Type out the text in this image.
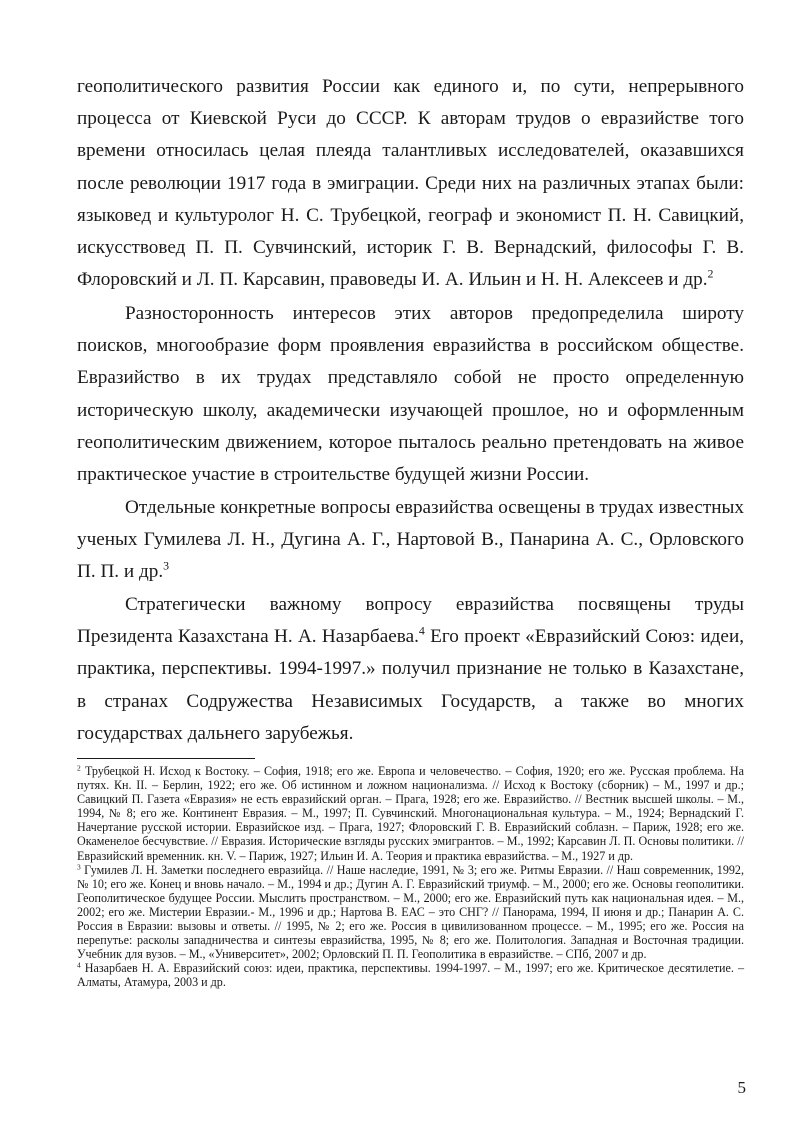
геополитического развития России как единого и, по сути, непрерывного процесса от Киевской Руси до СССР. К авторам трудов о евразийстве того времени относилась целая плеяда талантливых исследователей, оказавшихся после революции 1917 года в эмиграции. Среди них на различных этапах были: языковед и культуролог Н. С. Трубецкой, географ и экономист П. Н. Савицкий, искусствовед П. П. Сувчинский, историк Г. В. Вернадский, философы Г. В. Флоровский и Л. П. Карсавин, правоведы И. А. Ильин и Н. Н. Алексеев и др.$^2$

Разносторонность интересов этих авторов предопределила широту поисков, многообразие форм проявления евразийства в российском обществе. Евразийство в их трудах представляло собой не просто определенную историческую школу, академически изучающей прошлое, но и оформленным геополитическим движением, которое пыталось реально претендовать на живое практическое участие в строительстве будущей жизни России.

Отдельные конкретные вопросы евразийства освещены в трудах известных ученых Гумилева Л. Н., Дугина А. Г., Нартовой В., Панарина А. С., Орловского П. П. и др.$^3$

Стратегически важному вопросу евразийства посвящены труды Президента Казахстана Н. А. Назарбаева.$^4$ Его проект «Евразийский Союз: идеи, практика, перспективы. 1994-1997.» получил признание не только в Казахстане, в странах Содружества Независимых Государств, а также во многих государствах дальнего зарубежья.

$^2$ Трубецкой Н. Исход к Востоку. – София, 1918; его же. Европа и человечество. – София, 1920; его же. Русская проблема. На путях. Кн. II. – Берлин, 1922; его же. Об истинном и ложном национализма. // Исход к Востоку (сборник) – М., 1997 и др.; Савицкий П. Газета «Евразия» не есть евразийский орган. – Прага, 1928; его же. Евразийство. // Вестник высшей школы. – М., 1994, № 8; его же. Континент Евразия. – М., 1997; П. Сувчинский. Многонациональная культура. – М., 1924; Вернадский Г. Начертание русской истории. Евразийское изд. – Прага, 1927; Флоровский Г. В. Евразийский соблазн. – Париж, 1928; его же. Окаменелое бесчувствие. // Евразия. Исторические взгляды русских эмигрантов. – М., 1992; Карсавин Л. П. Основы политики. //Евразийский временник. кн. V. – Париж, 1927; Ильин И. А. Теория и практика евразийства. – М., 1927 и др.

$^3$ Гумилев Л. Н. Заметки последнего евразийца. // Наше наследие, 1991, № 3; его же. Ритмы Евразии. // Наш современник, 1992, № 10; его же. Конец и вновь начало. – М., 1994 и др.; Дугин А. Г. Евразийский триумф. – М., 2000; его же. Основы геополитики. Геополитическое будущее России. Мыслить пространством. – М., 2000; его же. Евразийский путь как национальная идея. – М., 2002; его же. Мистерии Евразии.- М., 1996 и др.; Нартова В. ЕАС – это СНГ? // Панорама, 1994, II июня и др.; Панарин А. С. Россия в Евразии: вызовы и ответы. // 1995, № 2; его же. Россия в цивилизованном процессе. – М., 1995; его же. Россия на перепутье: расколы западничества и синтезы евразийства, 1995, № 8; его же. Политология. Западная и Восточная традиции. Учебник для вузов. – М., «Университет», 2002; Орловский П. П. Геополитика в евразийстве. – СПб, 2007 и др.

$^4$ Назарбаев Н. А. Евразийский союз: идеи, практика, перспективы. 1994-1997. – М., 1997; его же. Критическое десятилетие. – Алматы, Атамура, 2003 и др.

5
